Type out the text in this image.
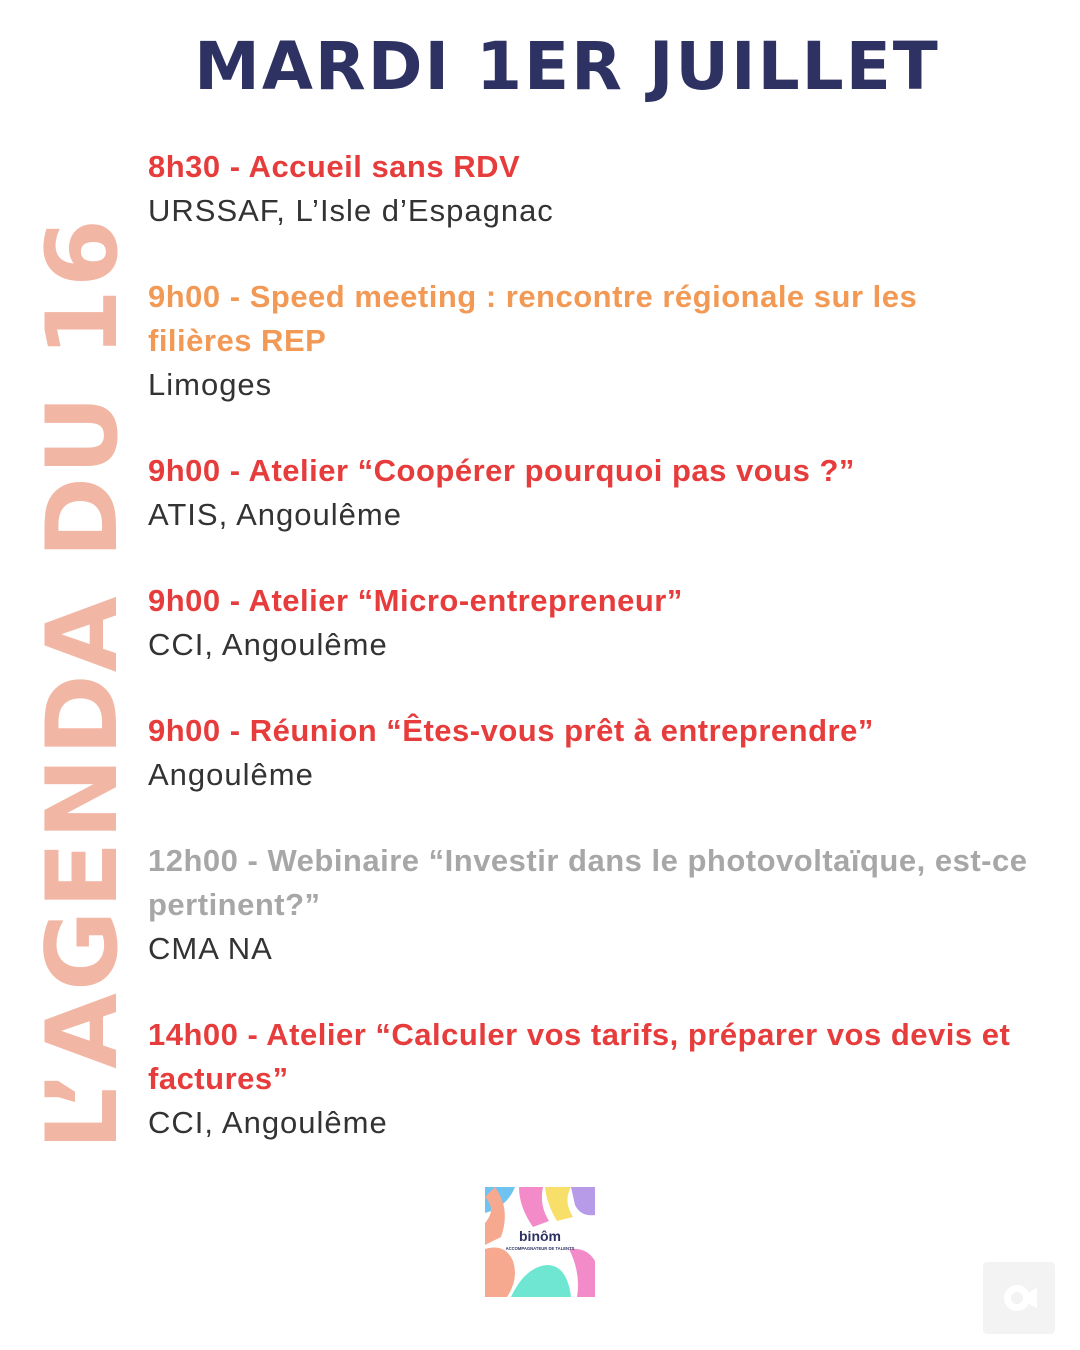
MARDI 1ER JUILLET
L’AGENDA DU 16
8h30 - Accueil sans RDV
URSSAF, L’Isle d’Espagnac
9h00 - Speed meeting : rencontre régionale sur les filières REP
Limoges
9h00 - Atelier “Coopérer pourquoi pas vous ?”
ATIS, Angoulême
9h00 - Atelier “Micro-entrepreneur”
CCI, Angoulême
9h00 - Réunion “Êtes-vous prêt à entreprendre”
Angoulême
12h00 - Webinaire “Investir dans le photovoltaïque, est-ce pertinent?”
CMA NA
14h00 - Atelier “Calculer vos tarifs, préparer vos devis et factures”
CCI, Angoulême
binôm
ACCOMPAGNATEUR DE TALENTS
